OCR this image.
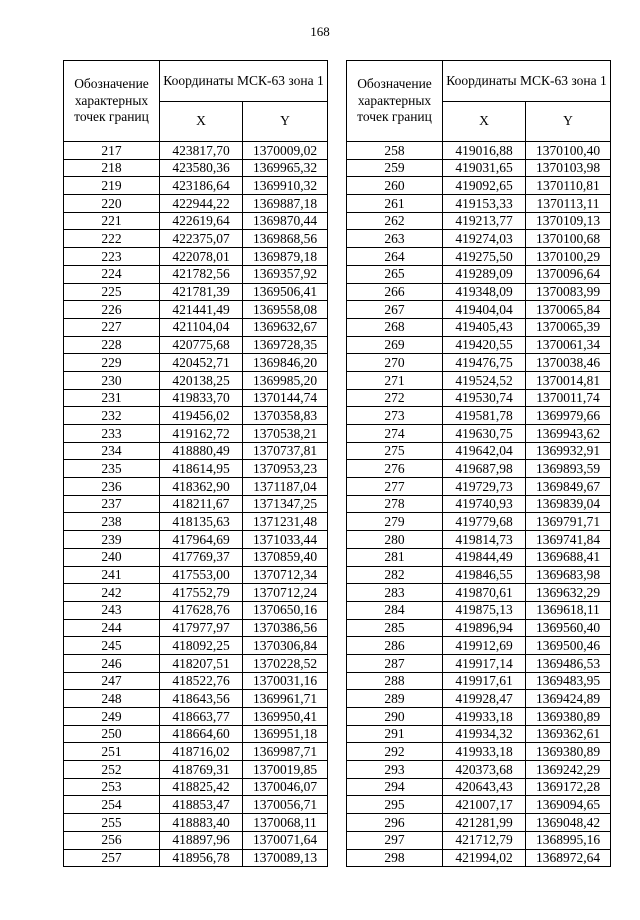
168
Обозначение характерных точек границ	Координаты МСК-63 зона 1	
	X	Y
217	423817,70	1370009,02
218	423580,36	1369965,32
219	423186,64	1369910,32
220	422944,22	1369887,18
221	422619,64	1369870,44
222	422375,07	1369868,56
223	422078,01	1369879,18
224	421782,56	1369357,92
225	421781,39	1369506,41
226	421441,49	1369558,08
227	421104,04	1369632,67
228	420775,68	1369728,35
229	420452,71	1369846,20
230	420138,25	1369985,20
231	419833,70	1370144,74
232	419456,02	1370358,83
233	419162,72	1370538,21
234	418880,49	1370737,81
235	418614,95	1370953,23
236	418362,90	1371187,04
237	418211,67	1371347,25
238	418135,63	1371231,48
239	417964,69	1371033,44
240	417769,37	1370859,40
241	417553,00	1370712,34
242	417552,79	1370712,24
243	417628,76	1370650,16
244	417977,97	1370386,56
245	418092,25	1370306,84
246	418207,51	1370228,52
247	418522,76	1370031,16
248	418643,56	1369961,71
249	418663,77	1369950,41
250	418664,60	1369951,18
251	418716,02	1369987,71
252	418769,31	1370019,85
253	418825,42	1370046,07
254	418853,47	1370056,71
255	418883,40	1370068,11
256	418897,96	1370071,64
257	418956,78	1370089,13
Обозначение характерных точек границ	Координаты МСК-63 зона 1	
	X	Y
258	419016,88	1370100,40
259	419031,65	1370103,98
260	419092,65	1370110,81
261	419153,33	1370113,11
262	419213,77	1370109,13
263	419274,03	1370100,68
264	419275,50	1370100,29
265	419289,09	1370096,64
266	419348,09	1370083,99
267	419404,04	1370065,84
268	419405,43	1370065,39
269	419420,55	1370061,34
270	419476,75	1370038,46
271	419524,52	1370014,81
272	419530,74	1370011,74
273	419581,78	1369979,66
274	419630,75	1369943,62
275	419642,04	1369932,91
276	419687,98	1369893,59
277	419729,73	1369849,67
278	419740,93	1369839,04
279	419779,68	1369791,71
280	419814,73	1369741,84
281	419844,49	1369688,41
282	419846,55	1369683,98
283	419870,61	1369632,29
284	419875,13	1369618,11
285	419896,94	1369560,40
286	419912,69	1369500,46
287	419917,14	1369486,53
288	419917,61	1369483,95
289	419928,47	1369424,89
290	419933,18	1369380,89
291	419934,32	1369362,61
292	419933,18	1369380,89
293	420373,68	1369242,29
294	420643,43	1369172,28
295	421007,17	1369094,65
296	421281,99	1369048,42
297	421712,79	1368995,16
298	421994,02	1368972,64
